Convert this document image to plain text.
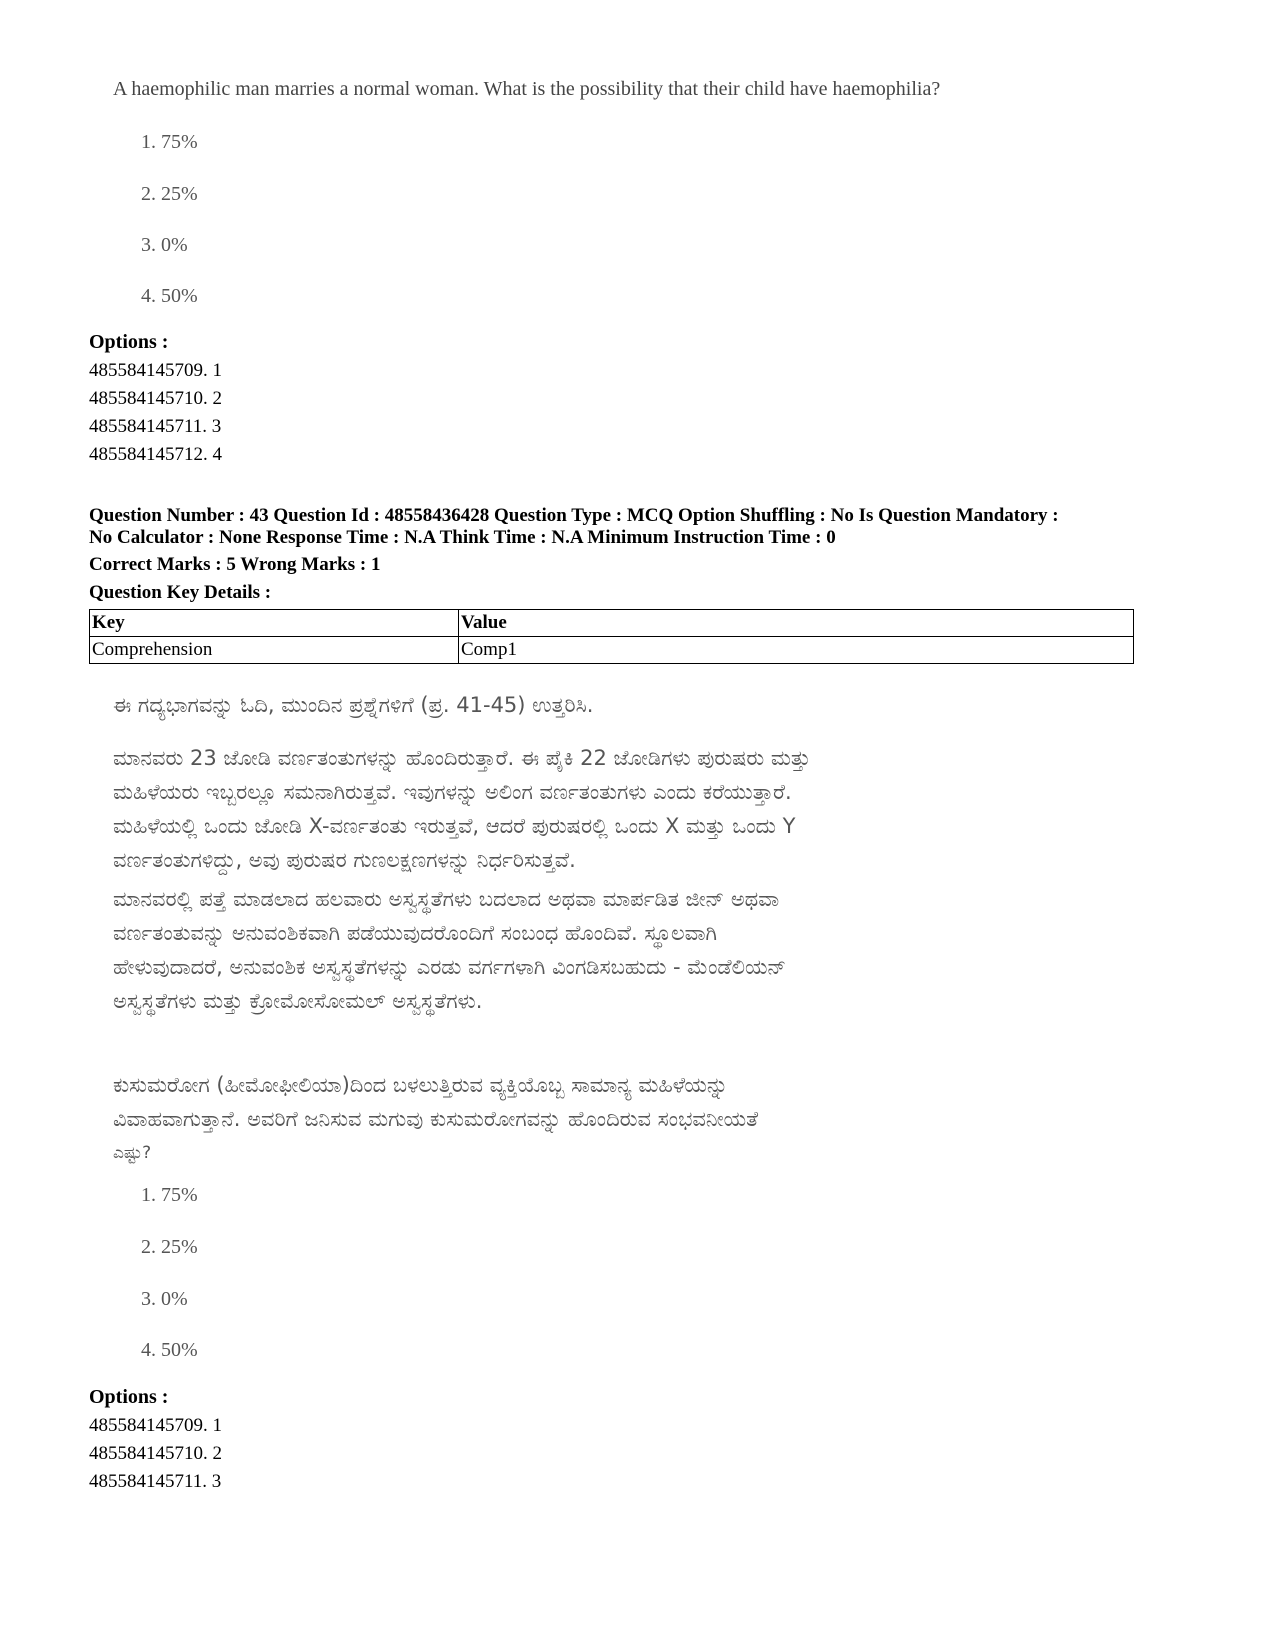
A haemophilic man marries a normal woman. What is the possibility that their child have haemophilia?
1. 75%
2. 25%
3. 0%
4. 50%
Options :
485584145709. 1
485584145710. 2
485584145711. 3
485584145712. 4
Question Number : 43 Question Id : 48558436428 Question Type : MCQ Option Shuffling : No Is Question Mandatory :
No Calculator : None Response Time : N.A Think Time : N.A Minimum Instruction Time : 0
Correct Marks : 5 Wrong Marks : 1
Question Key Details :
Key	Value
Comprehension	Comp1
ಈ ಗದ್ಯಭಾಗವನ್ನು ಓದಿ, ಮುಂದಿನ ಪ್ರಶ್ನೆಗಳಿಗೆ (ಪ್ರ. 41-45) ಉತ್ತರಿಸಿ.
ಮಾನವರು 23 ಜೋಡಿ ವರ್ಣತಂತುಗಳನ್ನು ಹೊಂದಿರುತ್ತಾರೆ. ಈ ಪೈಕಿ 22 ಜೋಡಿಗಳು ಪುರುಷರು ಮತ್ತು
ಮಹಿಳೆಯರು ಇಬ್ಬರಲ್ಲೂ ಸಮನಾಗಿರುತ್ತವೆ. ಇವುಗಳನ್ನು ಅಲಿಂಗ ವರ್ಣತಂತುಗಳು ಎಂದು ಕರೆಯುತ್ತಾರೆ.
ಮಹಿಳೆಯಲ್ಲಿ ಒಂದು ಜೋಡಿ X-ವರ್ಣತಂತು ಇರುತ್ತವೆ, ಆದರೆ ಪುರುಷರಲ್ಲಿ ಒಂದು X ಮತ್ತು ಒಂದು Y
ವರ್ಣತಂತುಗಳಿದ್ದು, ಅವು ಪುರುಷರ ಗುಣಲಕ್ಷಣಗಳನ್ನು ನಿರ್ಧರಿಸುತ್ತವೆ.
ಮಾನವರಲ್ಲಿ ಪತ್ತೆ ಮಾಡಲಾದ ಹಲವಾರು ಅಸ್ವಸ್ಥತೆಗಳು ಬದಲಾದ ಅಥವಾ ಮಾರ್ಪಡಿತ ಜೀನ್ ಅಥವಾ
ವರ್ಣತಂತುವನ್ನು ಅನುವಂಶಿಕವಾಗಿ ಪಡೆಯುವುದರೊಂದಿಗೆ ಸಂಬಂಧ ಹೊಂದಿವೆ. ಸ್ಥೂಲವಾಗಿ
ಹೇಳುವುದಾದರೆ, ಅನುವಂಶಿಕ ಅಸ್ವಸ್ಥತೆಗಳನ್ನು ಎರಡು ವರ್ಗಗಳಾಗಿ ವಿಂಗಡಿಸಬಹುದು - ಮೆಂಡೆಲಿಯನ್
ಅಸ್ವಸ್ಥತೆಗಳು ಮತ್ತು ಕ್ರೋಮೋಸೋಮಲ್ ಅಸ್ವಸ್ಥತೆಗಳು.
ಕುಸುಮರೋಗ (ಹೀಮೋಫೀಲಿಯಾ)ದಿಂದ ಬಳಲುತ್ತಿರುವ ವ್ಯಕ್ತಿಯೊಬ್ಬ ಸಾಮಾನ್ಯ ಮಹಿಳೆಯನ್ನು
ವಿವಾಹವಾಗುತ್ತಾನೆ. ಅವರಿಗೆ ಜನಿಸುವ ಮಗುವು ಕುಸುಮರೋಗವನ್ನು ಹೊಂದಿರುವ ಸಂಭವನೀಯತೆ
ಎಷ್ಟು?
1. 75%
2. 25%
3. 0%
4. 50%
Options :
485584145709. 1
485584145710. 2
485584145711. 3
